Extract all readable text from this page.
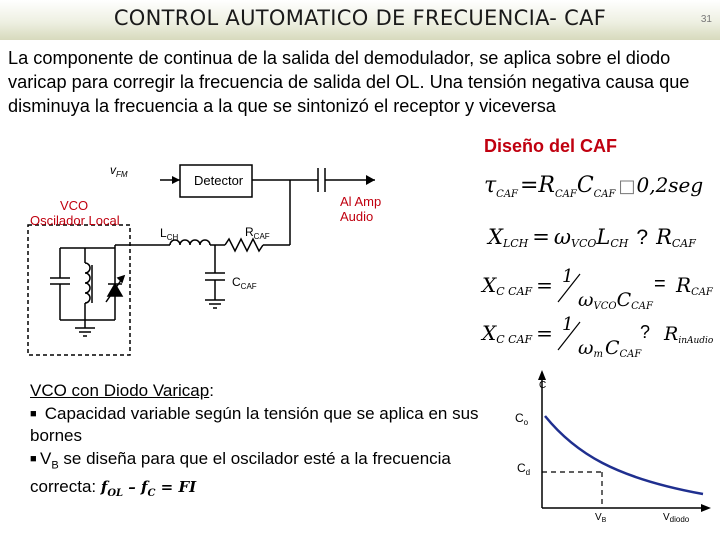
CONTROL AUTOMATICO DE FRECUENCIA- CAF	31

La componente de continua de la salida del demodulador, se aplica sobre el diodo varicap para corregir la frecuencia de salida del OL. Una tensión negativa causa que disminuya la frecuencia a la que se sintonizó el receptor y viceversa

Diseño del CAF
$v_{FM}$	Detector
Al Amp
Audio
VCO
Oscilador Local
$L_{CH}$	$R_{CAF}$
$C_{CAF}$
$\tau_{CAF}=R_{CAF}C_{CAF}$ □0,2seg
XLCH = ωVCOLCH ? RCAF
XC CAF = 1
ωVCOCCAF
= RCAF
XC CAF = 1
ωm CCAF
? RinAudio
VCO con Diodo Varicap:
■ Capacidad variable según la tensión que se aplica en sus bornes
■ $V_B$ se diseña para que el oscilador esté a la frecuencia correcta: $f_{OL} - f_C$ = FI
C
$C_o$
$C_d$
$V_B$	$V_{diodo}$
